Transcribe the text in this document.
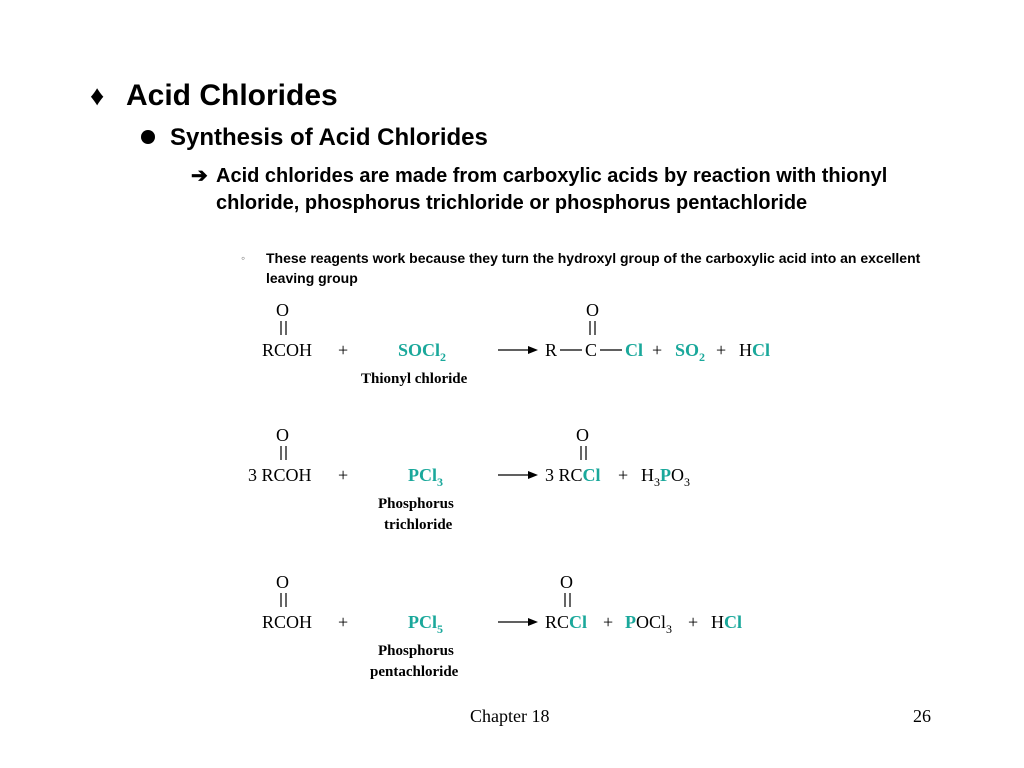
♦ Acid Chlorides
Synthesis of Acid Chlorides
➔ Acid chlorides are made from carboxylic acids by reaction with thionyl chloride, phosphorus trichloride or phosphorus pentachloride
◦ These reagents work because they turn the hydroxyl group of the carboxylic acid into an excellent leaving group
O
RCOH +	SOCl$_2$
Thionyl chloride
R
O
C $Cl + SO_2$ + HCl
O
3 RCOH +	PCl$_3$
Phosphorus
trichloride
O
3 RCCl + $H_3PO_3$
O
RCOH +	PCl$_5$
Phosphorus
pentachloride
O
RCCl + POCl$_3$ + HCl
Chapter 18	26
